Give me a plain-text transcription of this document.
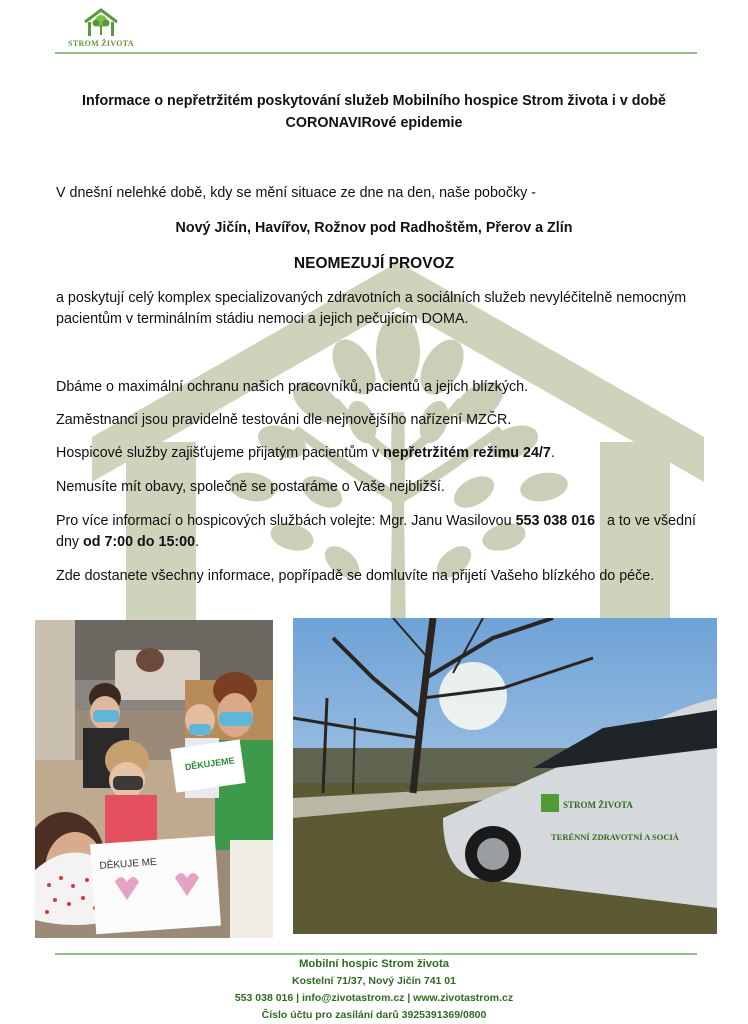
STROM ŽIVOTA
Informace o nepřetržitém poskytování služeb Mobilního hospice Strom života i v době CORONAVIRové epidemie
V dnešní nelehké době, kdy se mění situace ze dne na den, naše pobočky -
Nový Jičín, Havířov, Rožnov pod Radhoštěm, Přerov a Zlín
NEOMEZUJÍ PROVOZ
a poskytují celý komplex specializovaných zdravotních a sociálních služeb nevyléčitelně nemocným pacientům v terminálním stádiu nemoci a jejich pečujícím DOMA.
Dbáme o maximální ochranu našich pracovníků, pacientů a jejich blízkých.
Zaměstnanci jsou pravidelně testováni dle nejnovějšího nařízení MZČR.
Hospicové služby zajišťujeme přijatým pacientům v nepřetržitém režimu 24/7.
Nemusíte mít obavy, společně se postaráme o Vaše nejbližší.
Pro více informací o hospicových službách volejte: Mgr. Janu Wasilovou 553 038 016   a to ve všední dny od 7:00 do 15:00.
Zde dostanete všechny informace, popřípadě se domluvíte na přijetí Vašeho blízkého do péče.
DĚKUJEME
DĚKUJE ME
STROM ŽIVOTA
TERÉNNÍ ZDRAVOTNÍ A SOCIÁ
Mobilní hospic Strom života
Kostelní 71/37, Nový Jičín 741 01
553 038 016 | info@zivotastrom.cz | www.zivotastrom.cz
Číslo účtu pro zasílání darů 3925391369/0800
